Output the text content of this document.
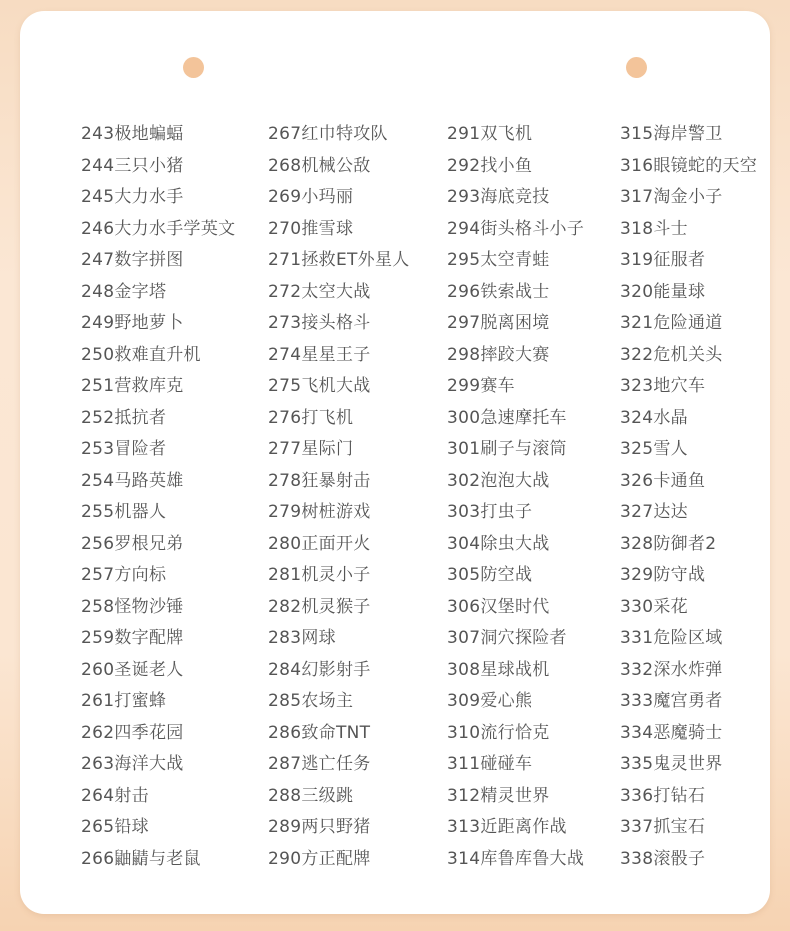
243极地蝙蝠
244三只小猪
245大力水手
246大力水手学英文
247数字拼图
248金字塔
249野地萝卜
250救难直升机
251营救库克
252抵抗者
253冒险者
254马路英雄
255机器人
256罗根兄弟
257方向标
258怪物沙锤
259数字配牌
260圣诞老人
261打蜜蜂
262四季花园
263海洋大战
264射击
265铅球
266鼬鼱与老鼠
267红巾特攻队
268机械公敌
269小玛丽
270推雪球
271拯救ET外星人
272太空大战
273接头格斗
274星星王子
275飞机大战
276打飞机
277星际门
278狂暴射击
279树桩游戏
280正面开火
281机灵小子
282机灵猴子
283网球
284幻影射手
285农场主
286致命TNT
287逃亡任务
288三级跳
289两只野猪
290方正配牌
291双飞机
292找小鱼
293海底竞技
294街头格斗小子
295太空青蛙
296铁索战士
297脱离困境
298摔跤大赛
299赛车
300急速摩托车
301刷子与滚筒
302泡泡大战
303打虫子
304除虫大战
305防空战
306汉堡时代
307洞穴探险者
308星球战机
309爱心熊
310流行恰克
311碰碰车
312精灵世界
313近距离作战
314库鲁库鲁大战
315海岸警卫
316眼镜蛇的天空
317淘金小子
318斗士
319征服者
320能量球
321危险通道
322危机关头
323地穴车
324水晶
325雪人
326卡通鱼
327达达
328防御者2
329防守战
330采花
331危险区域
332深水炸弹
333魔宫勇者
334恶魔骑士
335鬼灵世界
336打钻石
337抓宝石
338滚骰子
